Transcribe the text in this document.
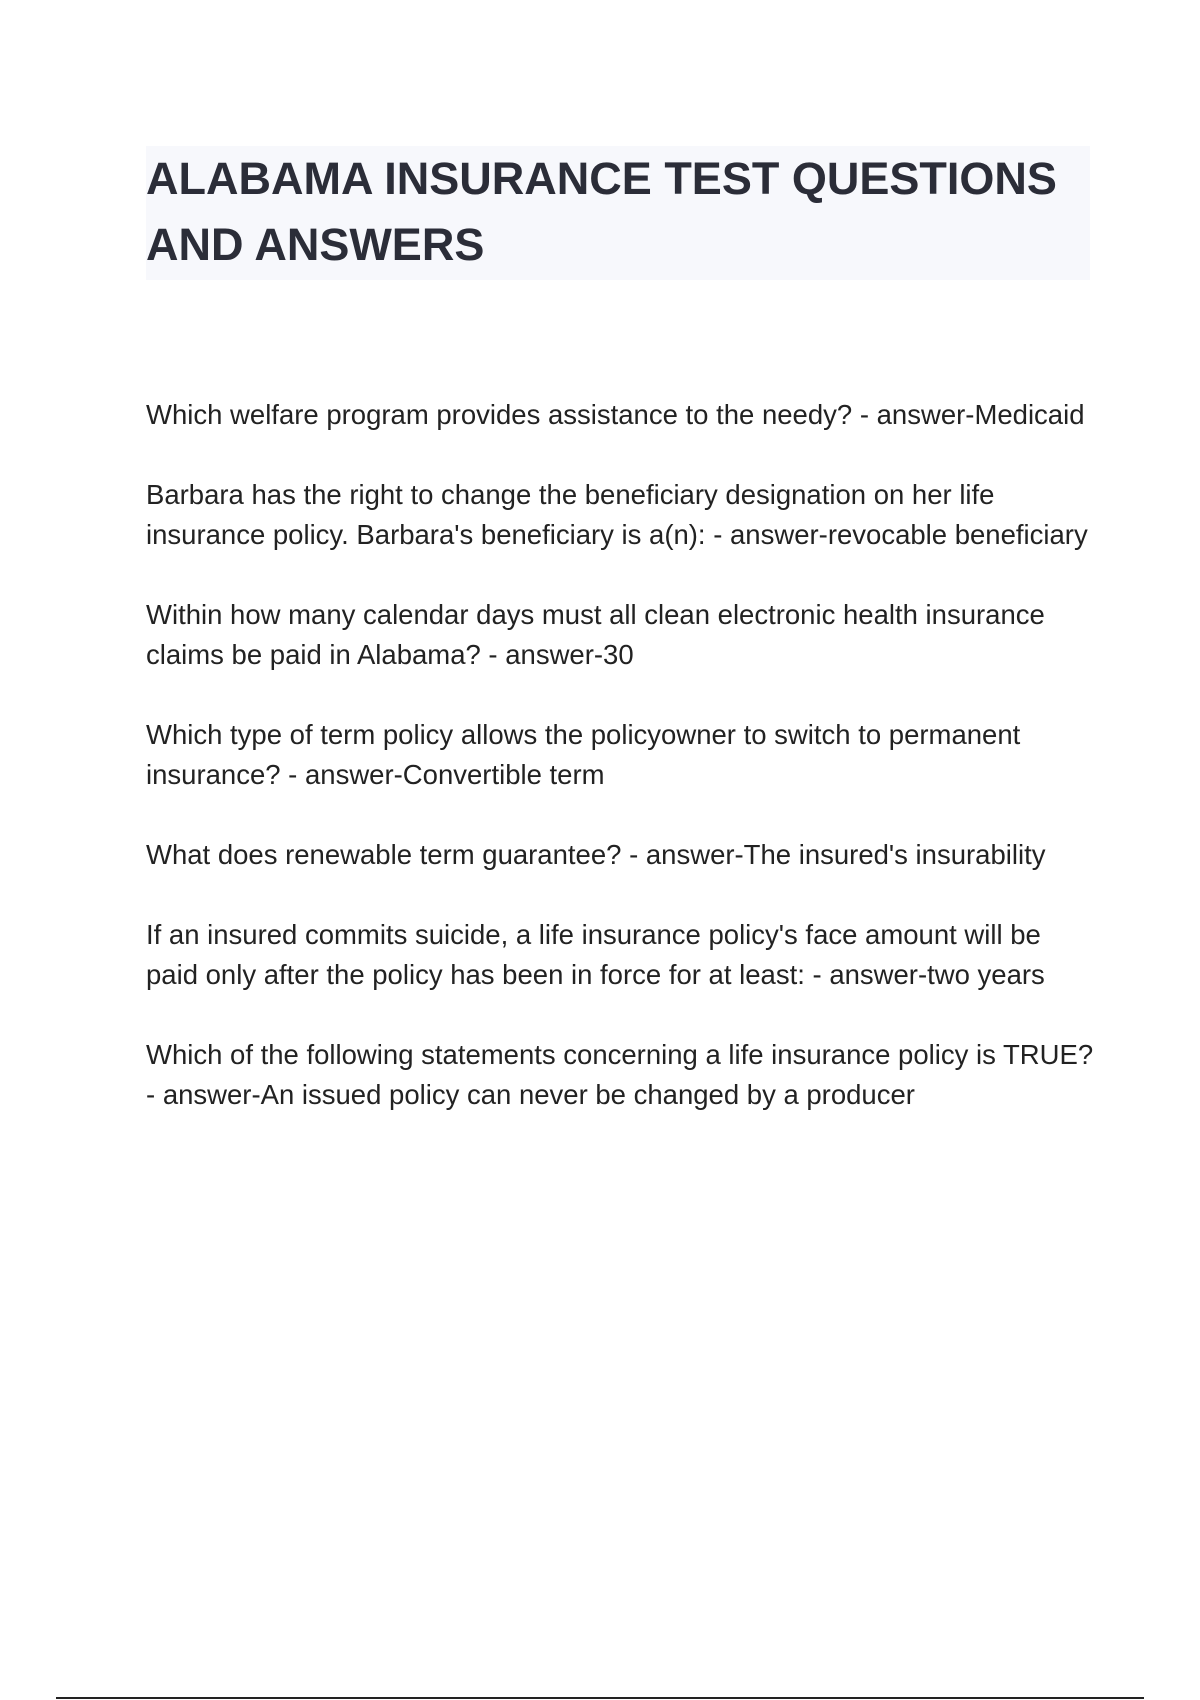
ALABAMA INSURANCE TEST QUESTIONS AND ANSWERS
Which welfare program provides assistance to the needy? - answer-Medicaid
Barbara has the right to change the beneficiary designation on her life insurance policy. Barbara's beneficiary is a(n): - answer-revocable beneficiary
Within how many calendar days must all clean electronic health insurance claims be paid in Alabama? - answer-30
Which type of term policy allows the policyowner to switch to permanent insurance? - answer-Convertible term
What does renewable term guarantee? - answer-The insured's insurability
If an insured commits suicide, a life insurance policy's face amount will be paid only after the policy has been in force for at least: - answer-two years
Which of the following statements concerning a life insurance policy is TRUE? - answer-An issued policy can never be changed by a producer
